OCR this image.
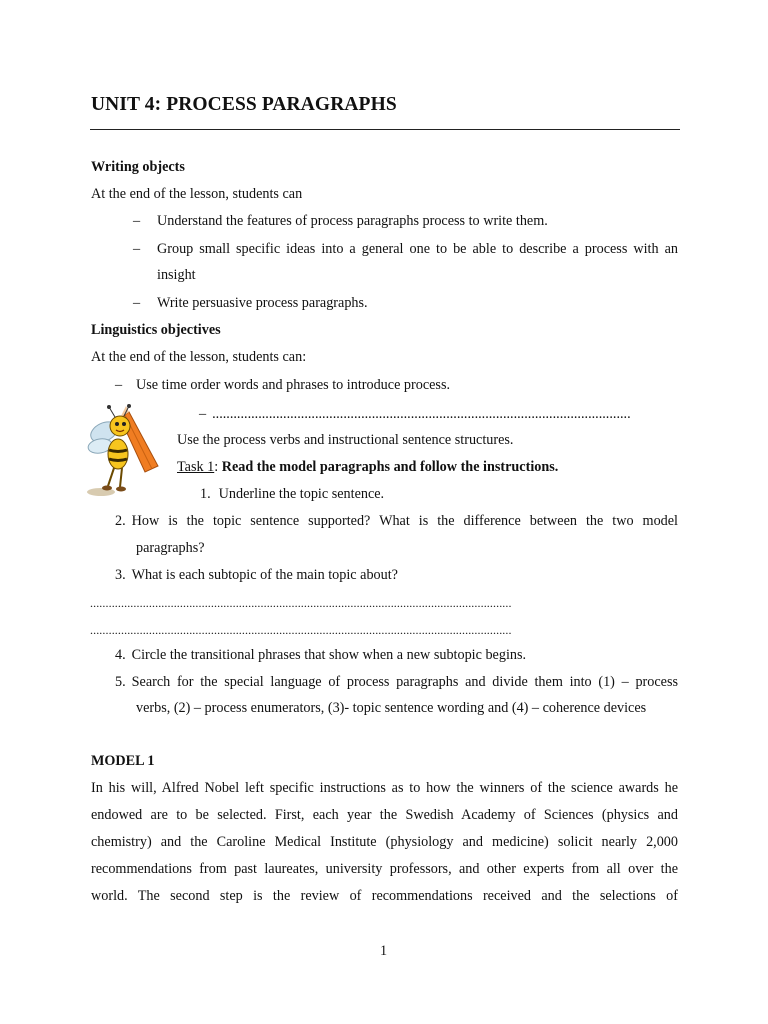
UNIT 4: PROCESS PARAGRAPHS
Writing objects
At the end of the lesson, students can
– Understand the features of process paragraphs process to write them.
– Group small specific ideas into a general one to be able to describe a process with an
insight
– Write persuasive process paragraphs.
Linguistics objectives
At the end of the lesson, students can:
– Use time order words and phrases to introduce process.
– ......................................................................................................................
Use the process verbs and instructional sentence structures.
Task 1: Read the model paragraphs and follow the instructions.
1. Underline the topic sentence.
2. How is the topic sentence supported? What is the difference between the two model
paragraphs?
3. What is each subtopic of the main topic about?
........................................................................................................................................
........................................................................................................................................
4. Circle the transitional phrases that show when a new subtopic begins.
5. Search for the special language of process paragraphs and divide them into (1) – process
verbs, (2) – process enumerators, (3)- topic sentence wording and (4) – coherence devices
MODEL 1
In his will, Alfred Nobel left specific instructions as to how the winners of the science awards he
endowed are to be selected. First, each year the Swedish Academy of Sciences (physics and
chemistry) and the Caroline Medical Institute (physiology and medicine) solicit nearly 2,000
recommendations from past laureates, university professors, and other experts from all over the
world. The second step is the review of recommendations received and the selections of
1
